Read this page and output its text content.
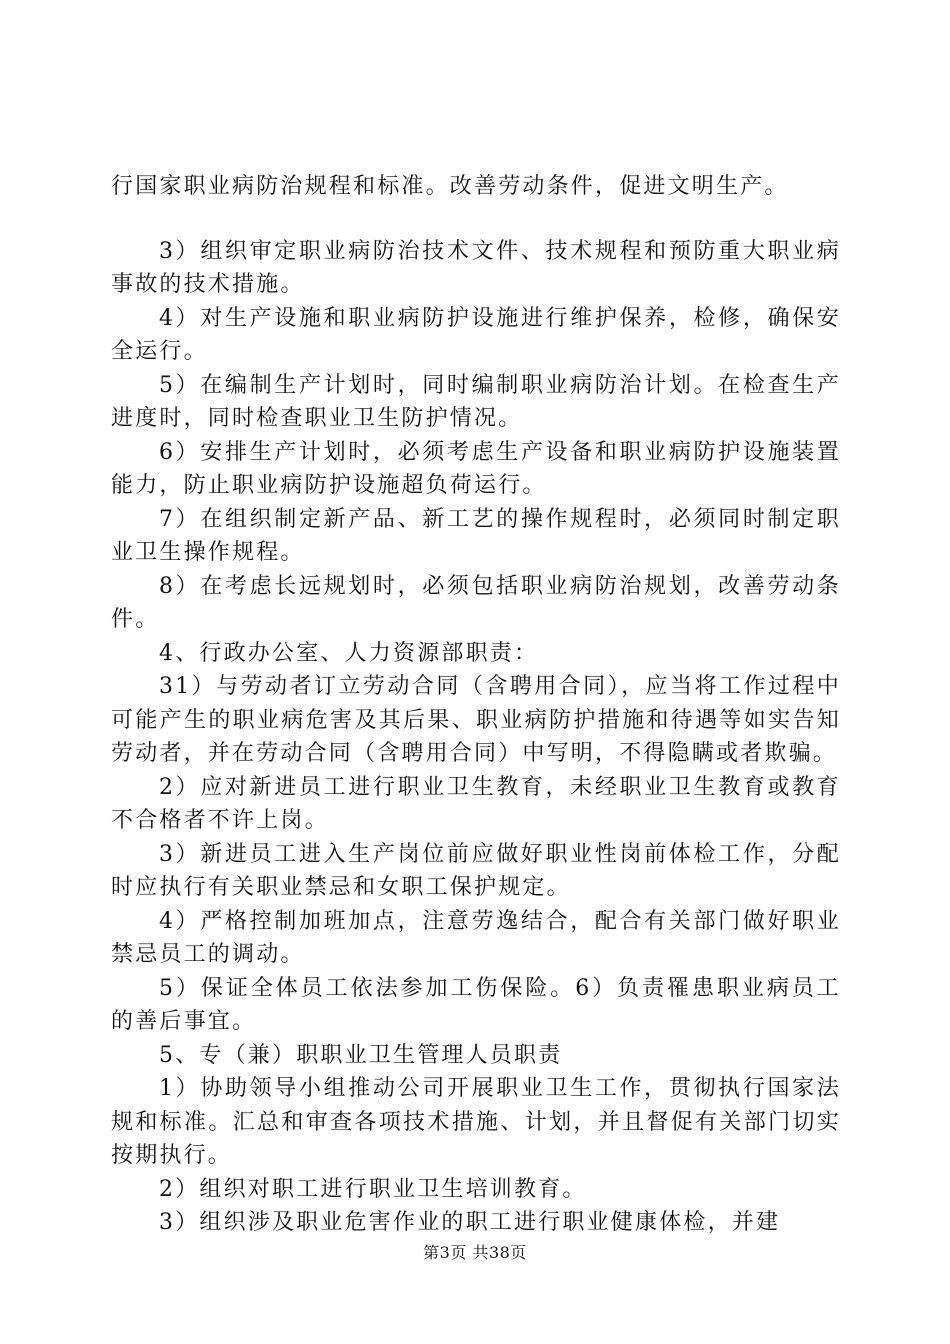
行国家职业病防治规程和标准。改善劳动条件，促进文明生产。

3）组织审定职业病防治技术文件、技术规程和预防重大职业病事故的技术措施。

4）对生产设施和职业病防护设施进行维护保养，检修，确保安全运行。

5）在编制生产计划时，同时编制职业病防治计划。在检查生产进度时，同时检查职业卫生防护情况。

6）安排生产计划时，必须考虑生产设备和职业病防护设施装置能力，防止职业病防护设施超负荷运行。

7）在组织制定新产品、新工艺的操作规程时，必须同时制定职业卫生操作规程。

8）在考虑长远规划时，必须包括职业病防治规划，改善劳动条件。

4、行政办公室、人力资源部职责：

31）与劳动者订立劳动合同（含聘用合同），应当将工作过程中可能产生的职业病危害及其后果、职业病防护措施和待遇等如实告知劳动者，并在劳动合同（含聘用合同）中写明，不得隐瞒或者欺骗。

2）应对新进员工进行职业卫生教育，未经职业卫生教育或教育不合格者不许上岗。

3）新进员工进入生产岗位前应做好职业性岗前体检工作，分配时应执行有关职业禁忌和女职工保护规定。

4）严格控制加班加点，注意劳逸结合，配合有关部门做好职业禁忌员工的调动。

5）保证全体员工依法参加工伤保险。6）负责罹患职业病员工的善后事宜。

5、专（兼）职职业卫生管理人员职责

1）协助领导小组推动公司开展职业卫生工作，贯彻执行国家法规和标准。汇总和审查各项技术措施、计划，并且督促有关部门切实按期执行。

2）组织对职工进行职业卫生培训教育。

3）组织涉及职业危害作业的职工进行职业健康体检，并建

第3页 共38页
